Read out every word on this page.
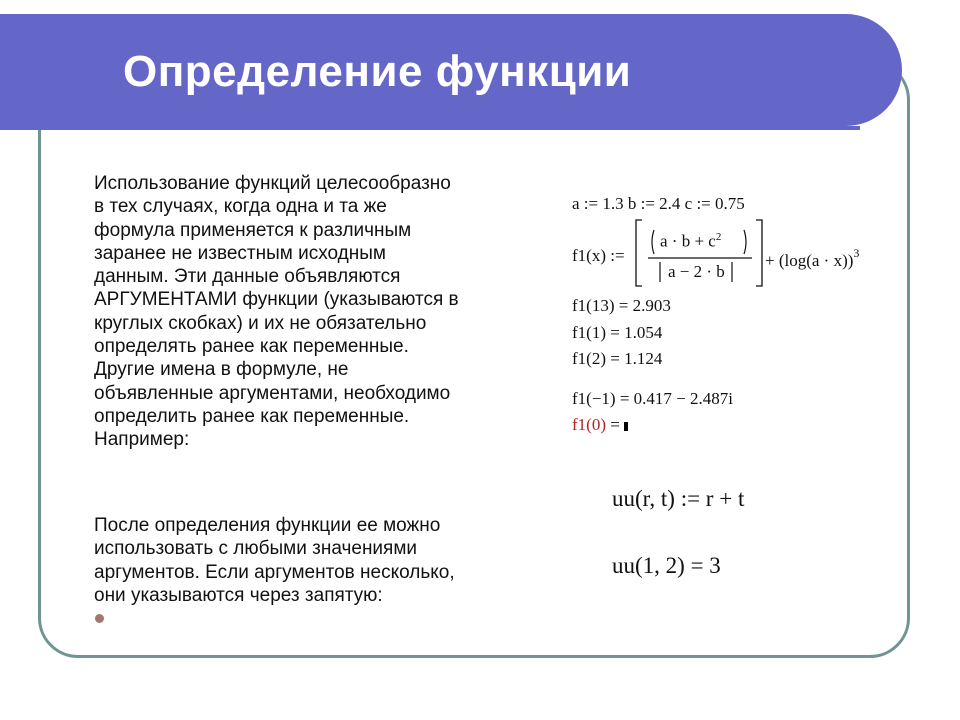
Определение функции

Использование функций целесообразно
в тех случаях, когда одна и та же
формула применяется к различным
заранее не известным исходным
данным. Эти данные объявляются
АРГУМЕНТАМИ функции (указываются в
круглых скобках) и их не обязательно
определять ранее как переменные.
Другие имена в формуле, не
объявленные аргументами, необходимо
определить ранее как переменные.
Например:

После определения функции ее можно
использовать с любыми значениями
аргументов. Если аргументов несколько,
они указываются через запятую:

a := 1.3 b := 2.4 c := 0.75
f1(x) :=
$a \cdot b + c^2$
a − 2 · b
+ $(\log(a \cdot x))^3$
f1(13) = 2.903
f1(1) = 1.054
f1(2) = 1.124
f1(−1) = 0.417 − 2.487i
f1(0) =
uu(r, t) := r + t
uu(1, 2) = 3
